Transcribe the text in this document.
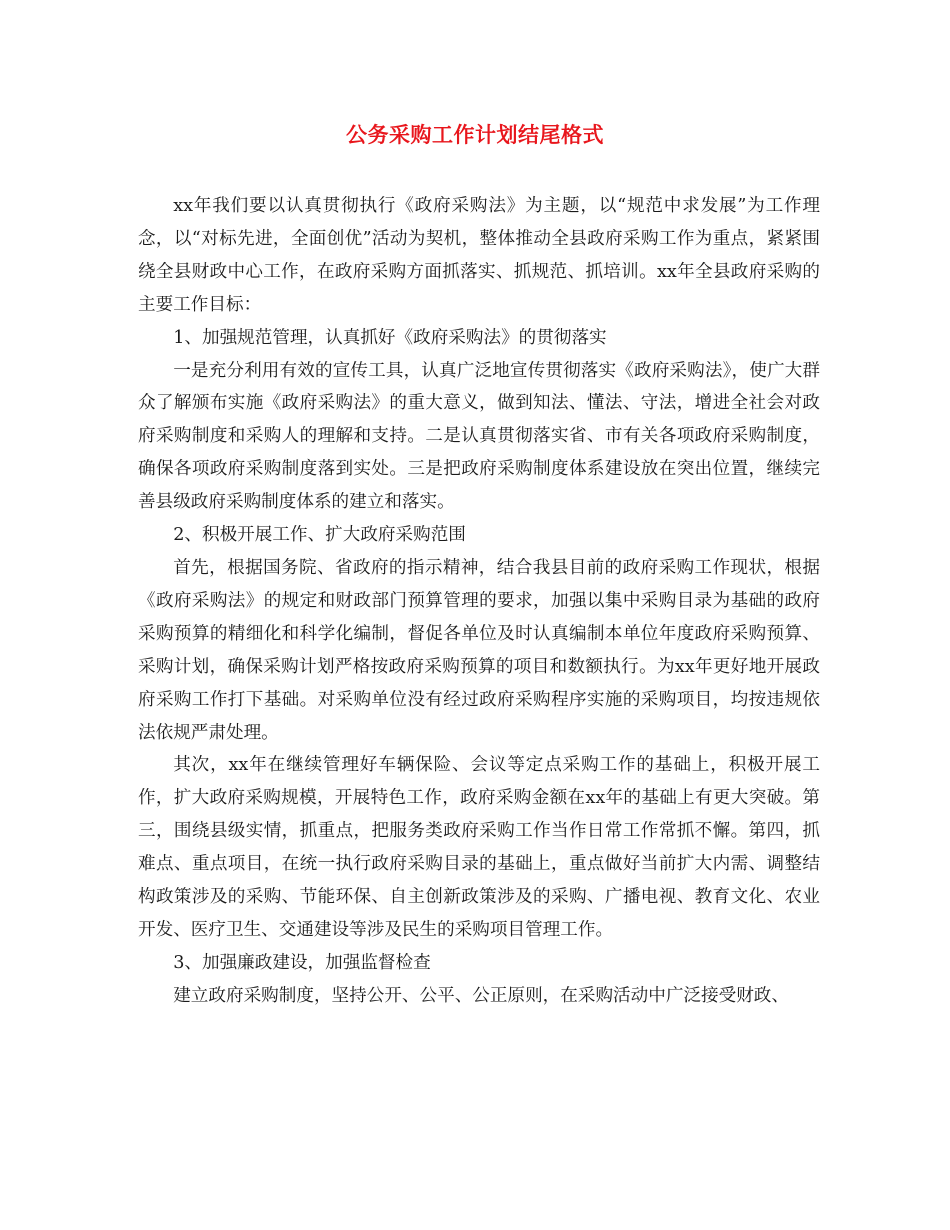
公务采购工作计划结尾格式

xx年我们要以认真贯彻执行《政府采购法》为主题，以“规范中求发展”为工作理念，以“对标先进，全面创优”活动为契机，整体推动全县政府采购工作为重点，紧紧围绕全县财政中心工作，在政府采购方面抓落实、抓规范、抓培训。xx年全县政府采购的主要工作目标：

1、加强规范管理，认真抓好《政府采购法》的贯彻落实

一是充分利用有效的宣传工具，认真广泛地宣传贯彻落实《政府采购法》，使广大群众了解颁布实施《政府采购法》的重大意义，做到知法、懂法、守法，增进全社会对政府采购制度和采购人的理解和支持。二是认真贯彻落实省、市有关各项政府采购制度，确保各项政府采购制度落到实处。三是把政府采购制度体系建设放在突出位置，继续完善县级政府采购制度体系的建立和落实。

2、积极开展工作、扩大政府采购范围

首先，根据国务院、省政府的指示精神，结合我县目前的政府采购工作现状，根据《政府采购法》的规定和财政部门预算管理的要求，加强以集中采购目录为基础的政府采购预算的精细化和科学化编制，督促各单位及时认真编制本单位年度政府采购预算、采购计划，确保采购计划严格按政府采购预算的项目和数额执行。为xx年更好地开展政府采购工作打下基础。对采购单位没有经过政府采购程序实施的采购项目，均按违规依法依规严肃处理。

其次，xx年在继续管理好车辆保险、会议等定点采购工作的基础上，积极开展工作，扩大政府采购规模，开展特色工作，政府采购金额在xx年的基础上有更大突破。第三，围绕县级实情，抓重点，把服务类政府采购工作当作日常工作常抓不懈。第四，抓难点、重点项目，在统一执行政府采购目录的基础上，重点做好当前扩大内需、调整结构政策涉及的采购、节能环保、自主创新政策涉及的采购、广播电视、教育文化、农业开发、医疗卫生、交通建设等涉及民生的采购项目管理工作。

3、加强廉政建设，加强监督检查

建立政府采购制度，坚持公开、公平、公正原则，在采购活动中广泛接受财政、
